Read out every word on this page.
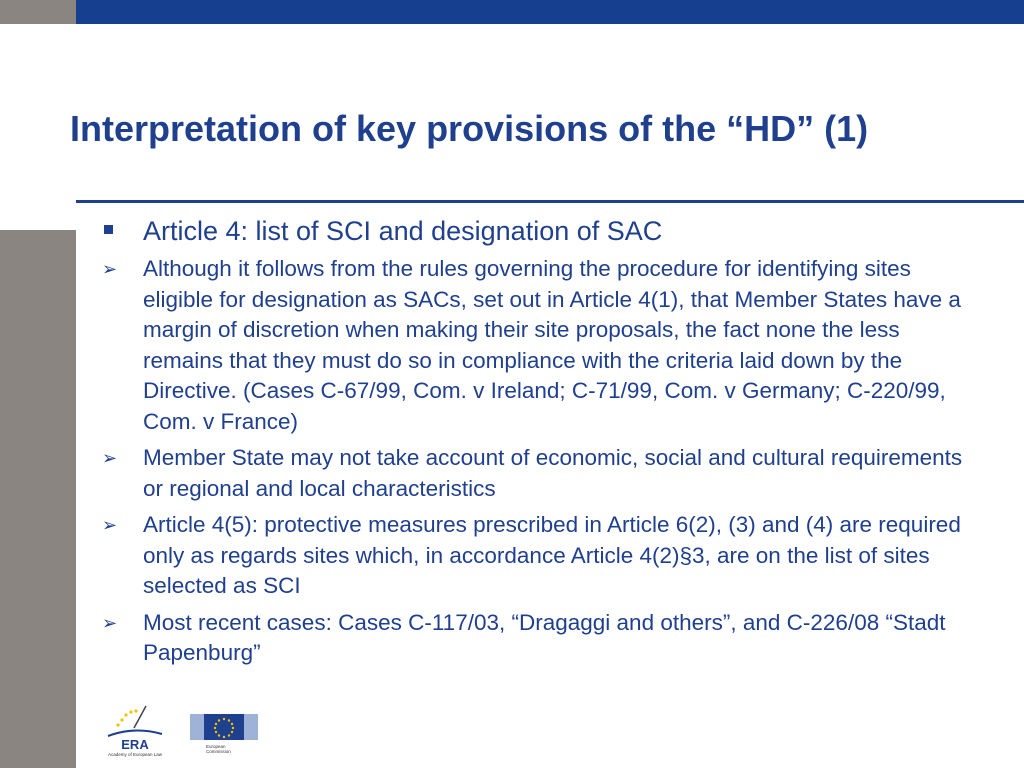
Interpretation of key provisions of the “HD” (1)
Article 4: list of SCI and designation of SAC
➢ Although it follows from the rules governing the procedure for identifying sites eligible for designation as SACs, set out in Article 4(1), that Member States have a margin of discretion when making their site proposals, the fact none the less remains that they must do so in compliance with the criteria laid down by the Directive. (Cases C-67/99, Com. v Ireland; C-71/99, Com. v Germany; C-220/99, Com. v France)
➢ Member State may not take account of economic, social and cultural requirements or regional and local characteristics
➢ Article 4(5): protective measures prescribed in Article 6(2), (3) and (4) are required only as regards sites which, in accordance Article 4(2)§3, are on the list of sites selected as SCI
➢ Most recent cases: Cases C-117/03, “Dragaggi and others”, and C-226/08 “Stadt Papenburg”
ERA
Academy of European Law
European
Commission
